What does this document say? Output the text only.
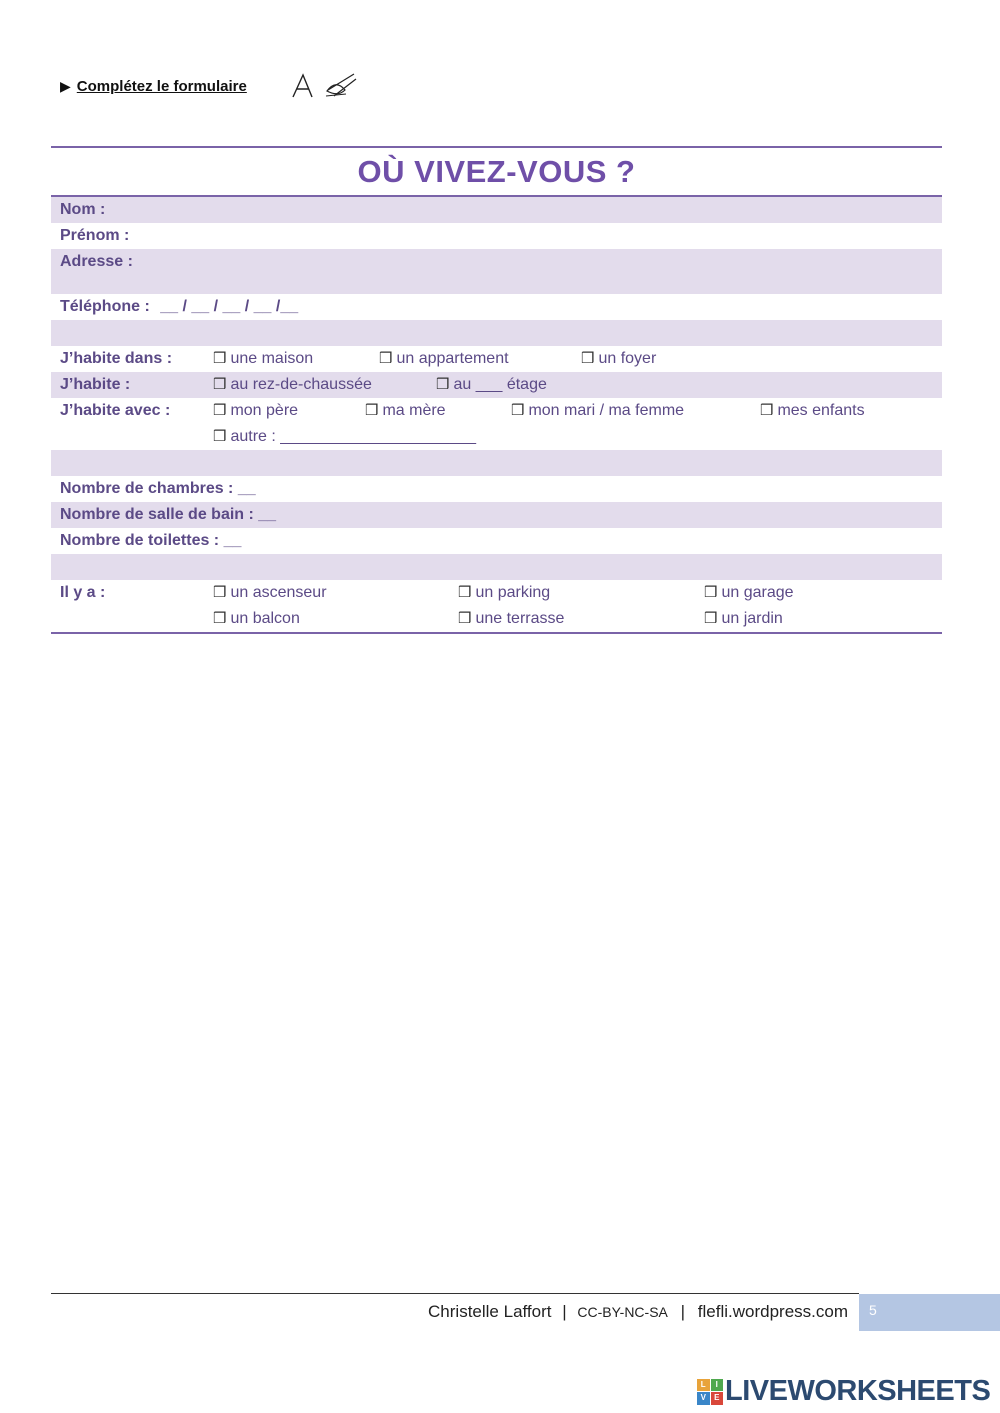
▶ Complétez le formulaire
OÙ VIVEZ-VOUS ?
Nom :
Prénom :
Adresse :
Téléphone : __ / __ / __ / __ /__
J’habite dans :	❒ une maison	❒ un appartement	❒ un foyer
J’habite :	❒ au rez-de-chaussée	❒ au ___ étage
J’habite avec :	❒ mon père	❒ ma mère	❒ mon mari / ma femme	❒ mes enfants
❒ autre : ______________________
Nombre de chambres : __
Nombre de salle de bain : __
Nombre de toilettes : __
Il y a :	❒ un ascenseur	❒ un parking	❒ un garage
❒ un balcon	❒ une terrasse	❒ un jardin
Christelle Laffort | CC-BY-NC-SA | flefli.wordpress.com	5
L	I
V	E LIVEWORKSHEETS
